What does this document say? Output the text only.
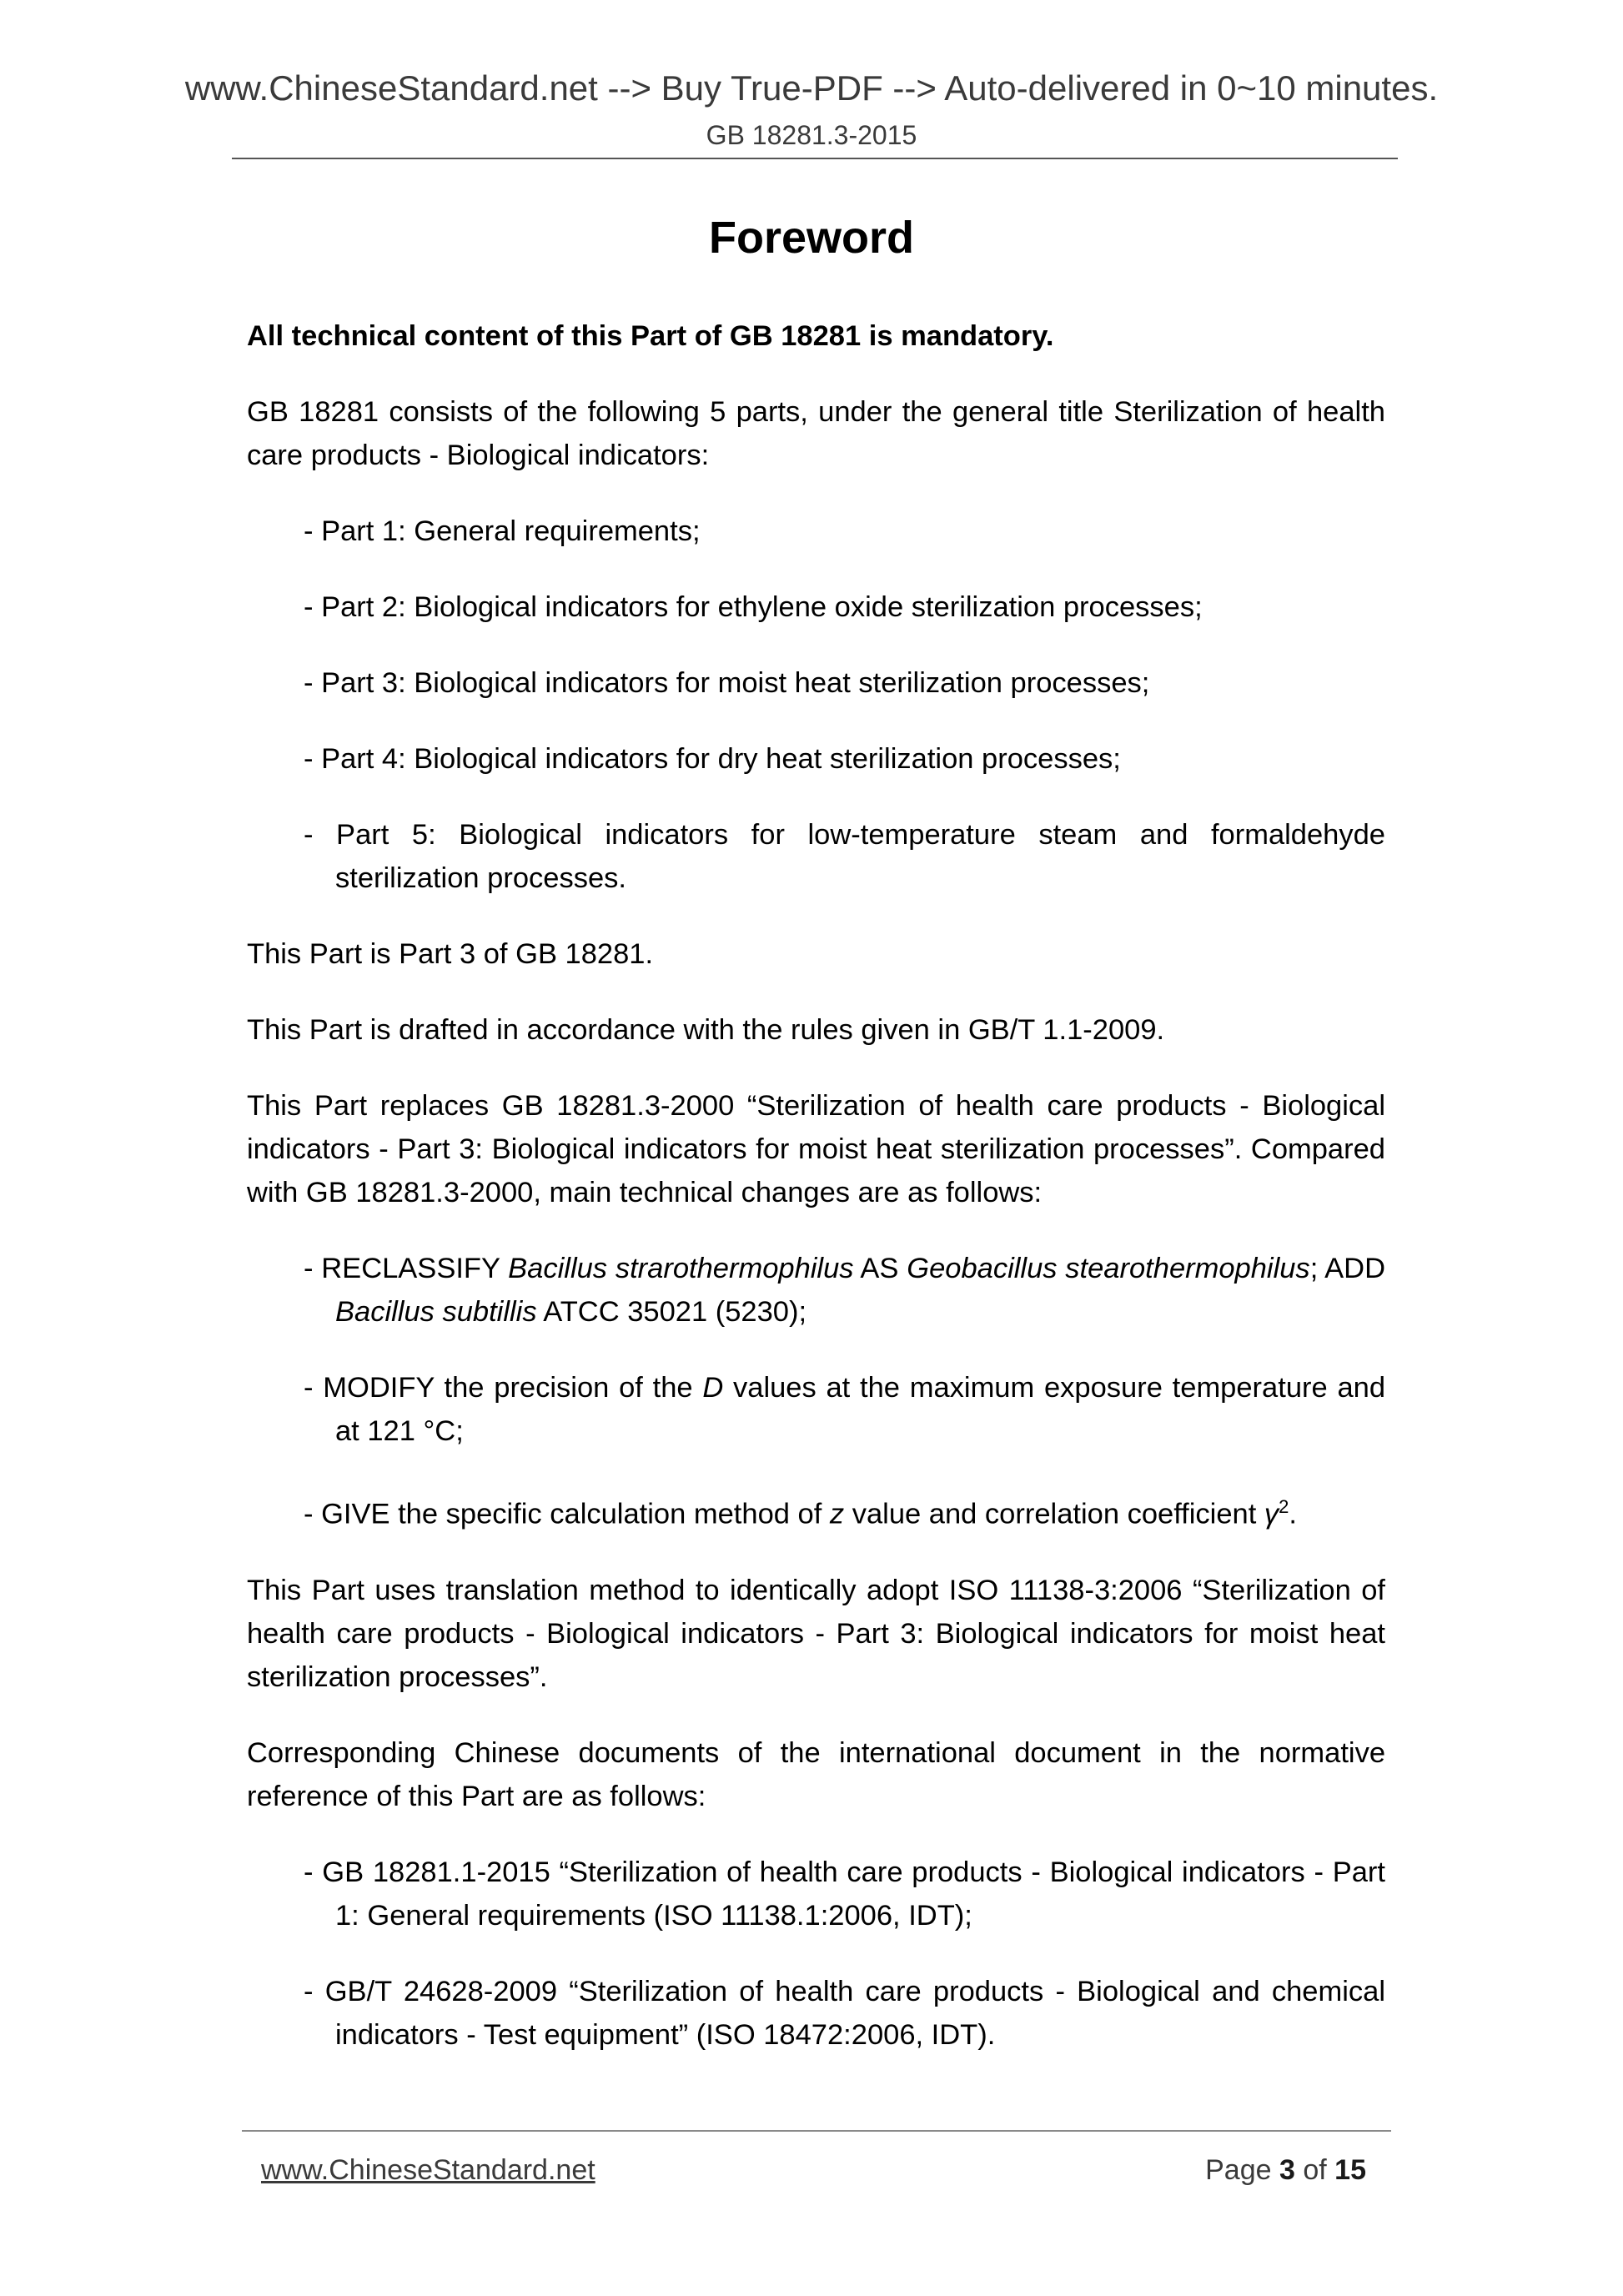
www.ChineseStandard.net --> Buy True-PDF --> Auto-delivered in 0~10 minutes.
GB 18281.3-2015
Foreword

All technical content of this Part of GB 18281 is mandatory.

GB 18281 consists of the following 5 parts, under the general title Sterilization of health care products - Biological indicators:

- Part 1: General requirements;
- Part 2: Biological indicators for ethylene oxide sterilization processes;
- Part 3: Biological indicators for moist heat sterilization processes;
- Part 4: Biological indicators for dry heat sterilization processes;
- Part 5: Biological indicators for low-temperature steam and formaldehyde sterilization processes.

This Part is Part 3 of GB 18281.

This Part is drafted in accordance with the rules given in GB/T 1.1-2009.

This Part replaces GB 18281.3-2000 “Sterilization of health care products - Biological indicators - Part 3: Biological indicators for moist heat sterilization processes”. Compared with GB 18281.3-2000, main technical changes are as follows:

- RECLASSIFY Bacillus strarothermophilus AS Geobacillus stearothermophilus; ADD Bacillus subtillis ATCC 35021 (5230);
- MODIFY the precision of the D values at the maximum exposure temperature and at 121 °C;
- GIVE the specific calculation method of z value and correlation coefficient $\gamma^2$.

This Part uses translation method to identically adopt ISO 11138-3:2006 “Sterilization of health care products - Biological indicators - Part 3: Biological indicators for moist heat sterilization processes”.

Corresponding Chinese documents of the international document in the normative reference of this Part are as follows:

- GB 18281.1-2015 “Sterilization of health care products - Biological indicators - Part 1: General requirements (ISO 11138.1:2006, IDT);
- GB/T 24628-2009 “Sterilization of health care products - Biological and chemical indicators - Test equipment” (ISO 18472:2006, IDT).
www.ChineseStandard.net	Page 3 of 15
